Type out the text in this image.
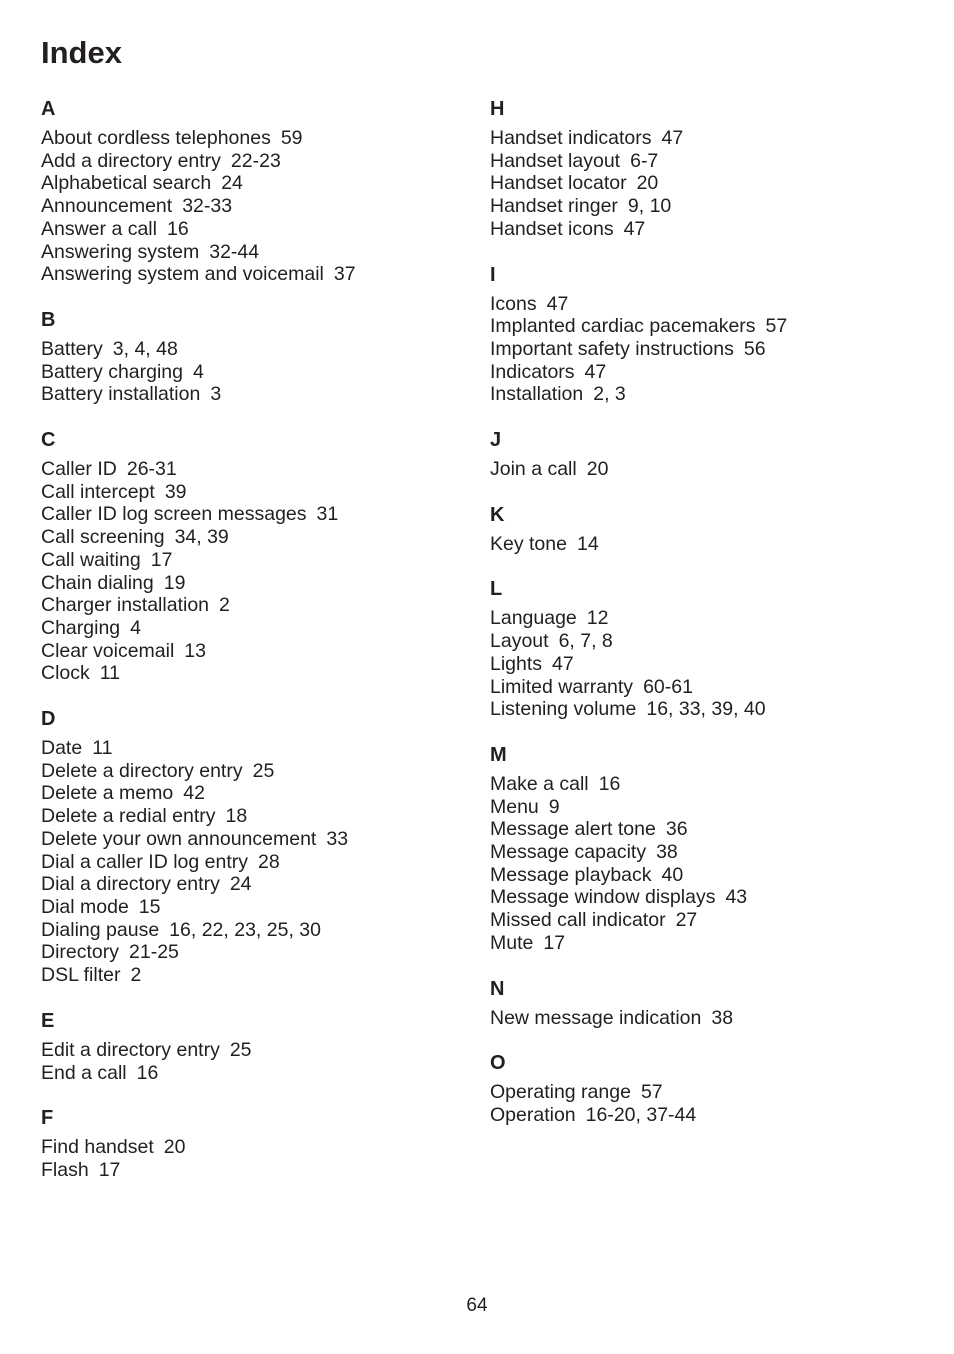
Index
A
About cordless telephones 59
Add a directory entry 22-23
Alphabetical search 24
Announcement 32-33
Answer a call 16
Answering system 32-44
Answering system and voicemail 37
B
Battery 3, 4, 48
Battery charging 4
Battery installation 3
C
Caller ID 26-31
Call intercept 39
Caller ID log screen messages 31
Call screening 34, 39
Call waiting 17
Chain dialing 19
Charger installation 2
Charging 4
Clear voicemail 13
Clock 11
D
Date 11
Delete a directory entry 25
Delete a memo 42
Delete a redial entry 18
Delete your own announcement 33
Dial a caller ID log entry 28
Dial a directory entry 24
Dial mode 15
Dialing pause 16, 22, 23, 25, 30
Directory 21-25
DSL filter 2
E
Edit a directory entry 25
End a call 16
F
Find handset 20
Flash 17
H
Handset indicators 47
Handset layout 6-7
Handset locator 20
Handset ringer 9, 10
Handset icons 47
I
Icons 47
Implanted cardiac pacemakers 57
Important safety instructions 56
Indicators 47
Installation 2, 3
J
Join a call 20
K
Key tone 14
L
Language 12
Layout 6, 7, 8
Lights 47
Limited warranty 60-61
Listening volume 16, 33, 39, 40
M
Make a call 16
Menu 9
Message alert tone 36
Message capacity 38
Message playback 40
Message window displays 43
Missed call indicator 27
Mute 17
N
New message indication 38
O
Operating range 57
Operation 16-20, 37-44
64
